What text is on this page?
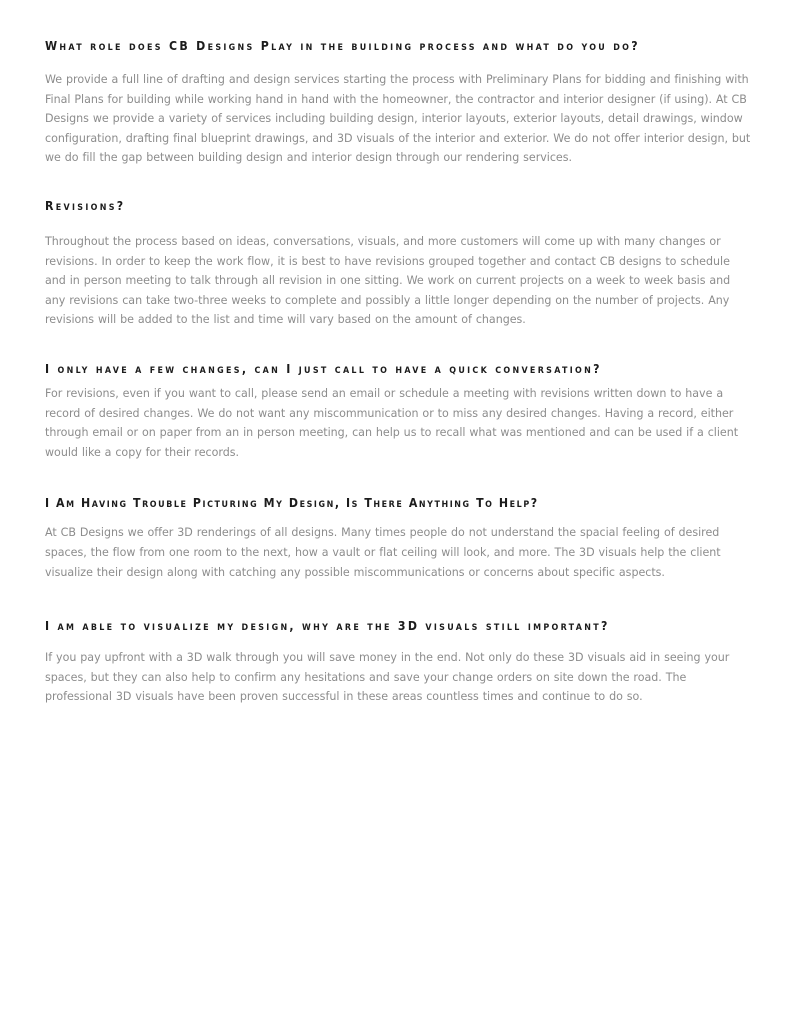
What role does CB Designs Play in the building process and what do you do?

We provide a full line of drafting and design services starting the process with Preliminary Plans for bidding and finishing with Final Plans for building while working hand in hand with the homeowner, the contractor and interior designer (if using). At CB Designs we provide a variety of services including building design, interior layouts, exterior layouts, detail drawings, window configuration, drafting final blueprint drawings, and 3D visuals of the interior and exterior. We do not offer interior design, but we do fill the gap between building design and interior design through our rendering services.

Revisions?

Throughout the process based on ideas, conversations, visuals, and more customers will come up with many changes or revisions. In order to keep the work flow, it is best to have revisions grouped together and contact CB designs to schedule and in person meeting to talk through all revision in one sitting. We work on current projects on a week to week basis and any revisions can take two-three weeks to complete and possibly a little longer depending on the number of projects. Any revisions will be added to the list and time will vary based on the amount of changes.

I only have a few changes, can I just call to have a quick conversation?

For revisions, even if you want to call, please send an email or schedule a meeting with revisions written down to have a record of desired changes. We do not want any miscommunication or to miss any desired changes. Having a record, either through email or on paper from an in person meeting, can help us to recall what was mentioned and can be used if a client would like a copy for their records.

I Am Having Trouble Picturing My Design, Is There Anything To Help?

At CB Designs we offer 3D renderings of all designs. Many times people do not understand the spacial feeling of desired spaces, the flow from one room to the next, how a vault or flat ceiling will look, and more. The 3D visuals help the client visualize their design along with catching any possible miscommunications or concerns about specific aspects.

I am able to visualize my design, why are the 3D visuals still important?

If you pay upfront with a 3D walk through you will save money in the end. Not only do these 3D visuals aid in seeing your spaces, but they can also help to confirm any hesitations and save your change orders on site down the road. The professional 3D visuals have been proven successful in these areas countless times and continue to do so.
